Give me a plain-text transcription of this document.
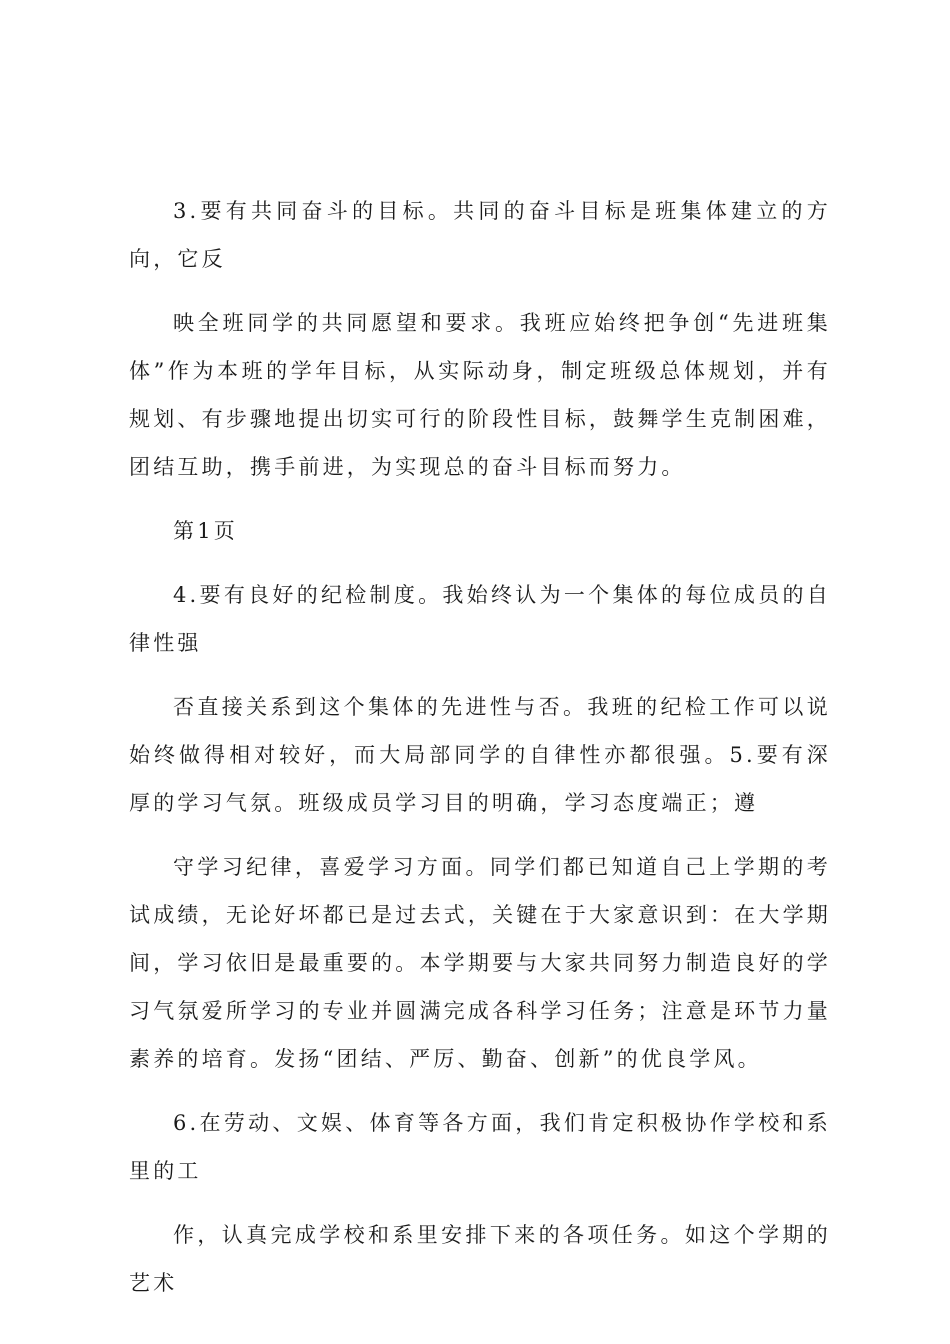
3.要有共同奋斗的目标。共同的奋斗目标是班集体建立的方向，它反

映全班同学的共同愿望和要求。我班应始终把争创“先进班集体”作为本班的学年目标，从实际动身，制定班级总体规划，并有规划、有步骤地提出切实可行的阶段性目标，鼓舞学生克制困难，团结互助，携手前进，为实现总的奋斗目标而努力。

第1页

4.要有良好的纪检制度。我始终认为一个集体的每位成员的自律性强

否直接关系到这个集体的先进性与否。我班的纪检工作可以说始终做得相对较好，而大局部同学的自律性亦都很强。5.要有深厚的学习气氛。班级成员学习目的明确，学习态度端正；遵

守学习纪律，喜爱学习方面。同学们都已知道自己上学期的考试成绩，无论好坏都已是过去式，关键在于大家意识到：在大学期间，学习依旧是最重要的。本学期要与大家共同努力制造良好的学习气氛爱所学习的专业并圆满完成各科学习任务；注意是环节力量素养的培育。发扬“团结、严厉、勤奋、创新”的优良学风。

6.在劳动、文娱、体育等各方面，我们肯定积极协作学校和系里的工

作，认真完成学校和系里安排下来的各项任务。如这个学期的艺术
